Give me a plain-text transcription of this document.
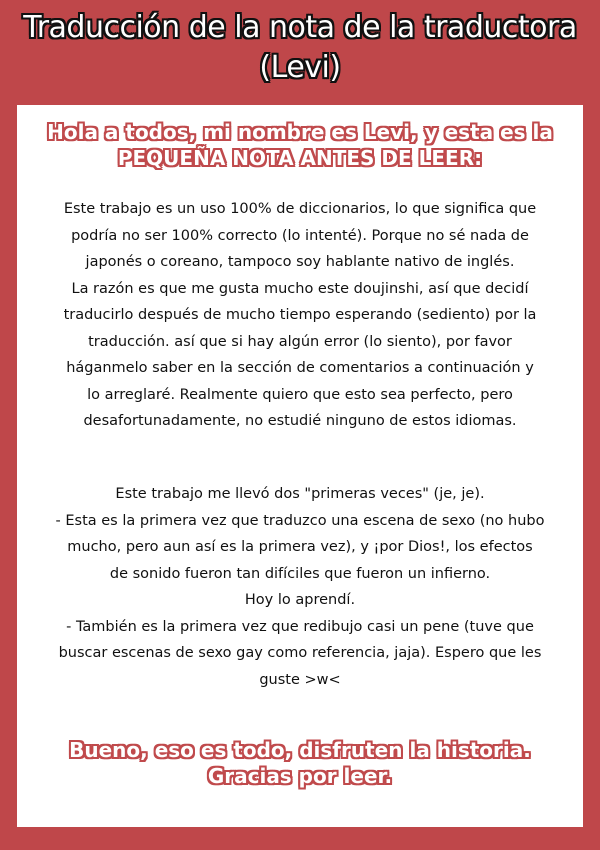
Traducción de la nota de la traductora
(Levi)
Hola a todos, mi nombre es Levi, y esta es la
PEQUEÑA NOTA ANTES DE LEER:
Este trabajo es un uso 100% de diccionarios, lo que significa que
podría no ser 100% correcto (lo intenté). Porque no sé nada de
japonés o coreano, tampoco soy hablante nativo de inglés.
La razón es que me gusta mucho este doujinshi, así que decidí
traducirlo después de mucho tiempo esperando (sediento) por la
traducción. así que si hay algún error (lo siento), por favor
háganmelo saber en la sección de comentarios a continuación y
lo arreglaré. Realmente quiero que esto sea perfecto, pero
desafortunadamente, no estudié ninguno de estos idiomas.
Este trabajo me llevó dos "primeras veces" (je, je).
- Esta es la primera vez que traduzco una escena de sexo (no hubo
mucho, pero aun así es la primera vez), y ¡por Dios!, los efectos
de sonido fueron tan difíciles que fueron un infierno.
Hoy lo aprendí.
- También es la primera vez que redibujo casi un pene (tuve que
buscar escenas de sexo gay como referencia, jaja). Espero que les
guste >w<
Bueno, eso es todo, disfruten la historia.
Gracias por leer.
